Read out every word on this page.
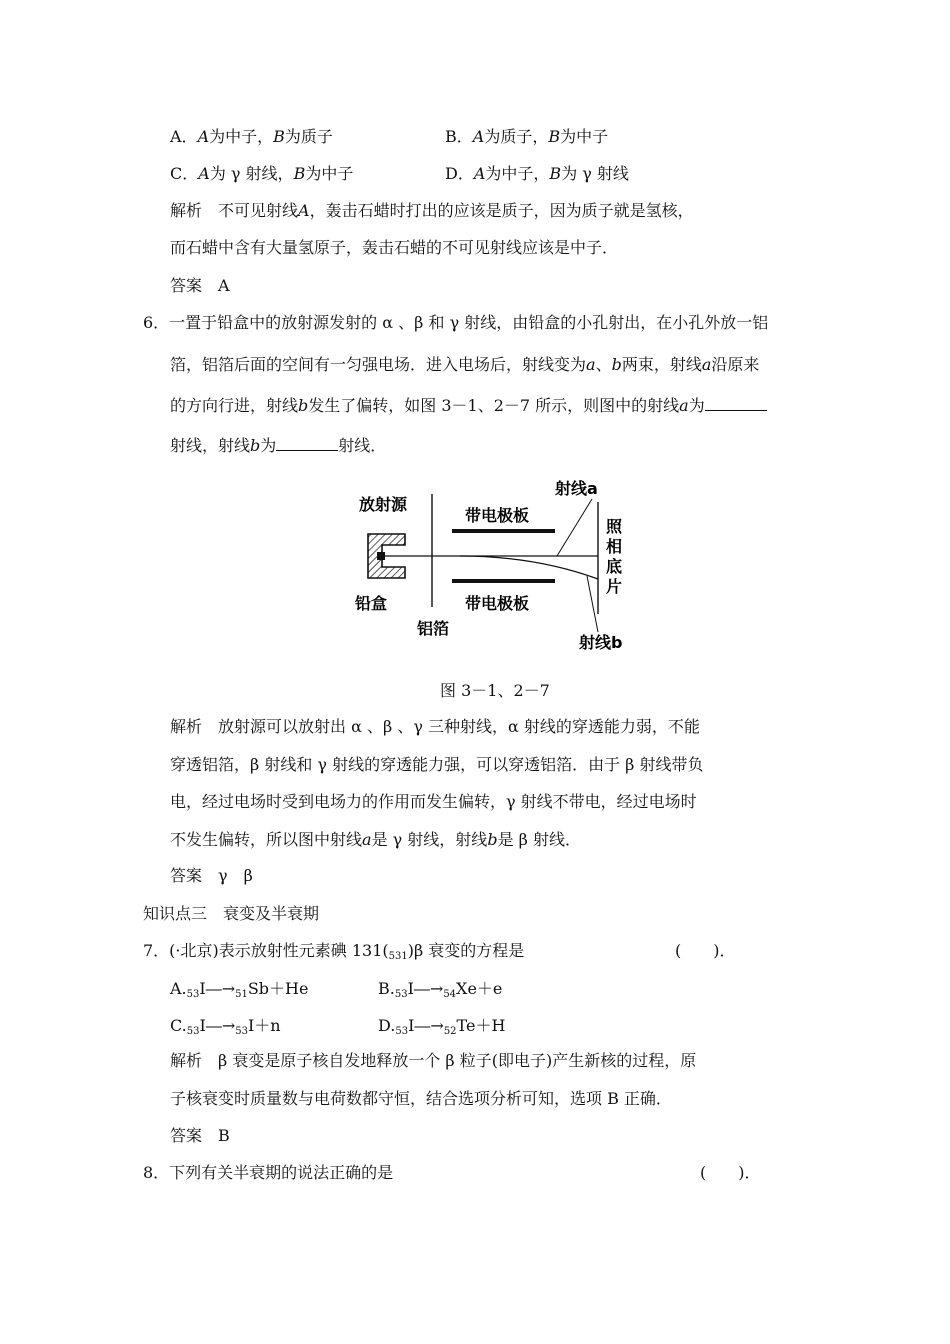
A．A为中子，B为质子	B．A为质子，B为中子
C．A为 γ 射线，B为中子	D．A为中子，B为 γ 射线
解析　不可见射线A，轰击石蜡时打出的应该是质子，因为质子就是氢核，
而石蜡中含有大量氢原子，轰击石蜡的不可见射线应该是中子．
答案　A
6．一置于铅盒中的放射源发射的 α 、β 和 γ 射线，由铅盒的小孔射出，在小孔外放一铝
箔，铝箔后面的空间有一匀强电场．进入电场后，射线变为a、b两束，射线a沿原来
的方向行进，射线b发生了偏转，如图 3－1、2－7 所示，则图中的射线a为
射线，射线b为	射线．
放射源
带电极板
带电极板
射线a
射线b
铅盒
铝箔
照
相
底
片
图 3－1、2－7
解析　放射源可以放射出 α 、β 、γ 三种射线，α 射线的穿透能力弱，不能
穿透铝箔，β 射线和 γ 射线的穿透能力强，可以穿透铝箔．由于 β 射线带负
电，经过电场时受到电场力的作用而发生偏转，γ 射线不带电，经过电场时
不发生偏转，所以图中射线a是 γ 射线，射线b是 β 射线．
答案　γ　β
知识点三　衰变及半衰期
7．(·北京)表示放射性元素碘 $131(_{531})\beta$ 衰变的方程是	(　　)．
$A._{53}I―\to_{51}Sb+He$	$B._{53}I―\to_{54}Xe+e$
$C._{53}I―\to_{53}I+n$	$D._{53}I―\to_{52}Te+H$
解析　β 衰变是原子核自发地释放一个 β 粒子(即电子)产生新核的过程，原
子核衰变时质量数与电荷数都守恒，结合选项分析可知，选项 B 正确．
答案　B
8．下列有关半衰期的说法正确的是	(　　)．
